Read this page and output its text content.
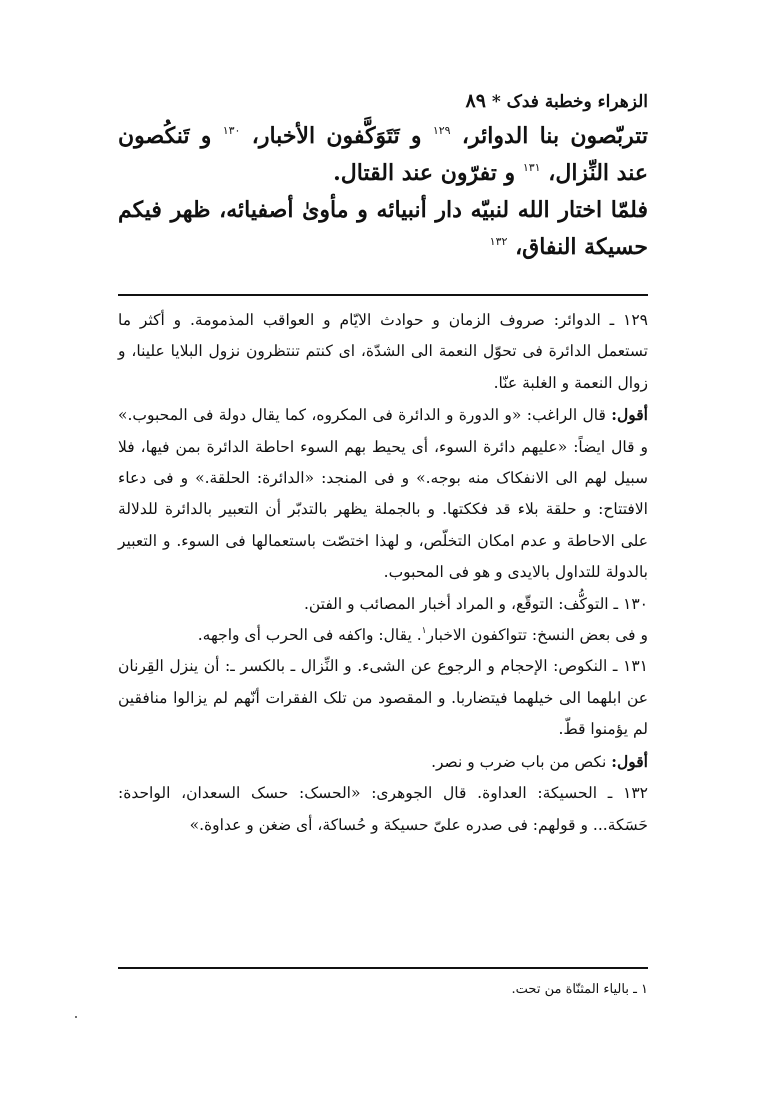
الزهراء وخطبة فدک * ٨٩

تتربّصون بنا الدوائر، $^{١٢٩}$ و تَتَوَكَّفون الأخبار، $^{١٣٠}$ و تَنكُصون عند النِّزال، $^{١٣١}$ و تفرّون عند القتال.

فلمّا اختار الله لنبيّه دار أنبيائه و مأوىٰ أصفيائه، ظهر فيكم حسيكة النفاق، $^{١٣٢}$

١٢٩ ـ الدوائر: صروف الزمان و حوادث الايّام و العواقب المذمومة. و أكثر ما تستعمل الدائرة فی تحوّل النعمة الی الشدّة، ای كنتم تنتظرون نزول البلايا علينا، و زوال النعمة و الغلبة عنّا.

أقول: قال الراغب: «و الدورة و الدائرة فی المكروه، كما يقال دولة فی المحبوب.» و قال ايضاً: «عليهم دائرة السوء، أی يحيط بهم السوء احاطة الدائرة بمن فيها، فلا سبيل لهم الی الانفكاک منه بوجه.» و فی المنجد: «الدائرة: الحلقة.» و فی دعاء الافتتاح: و حلقة بلاء قد فككتها. و بالجملة يظهر بالتدبّر أن التعبير بالدائرة للدلالة علی الاحاطة و عدم امكان التخلّص، و لهذا اختصّت باستعمالها فی السوء. و التعبير بالدولة للتداول بالايدی و هو فی المحبوب.

١٣٠ ـ التوكُّف: التوقّع، و المراد أخبار المصائب و الفتن.

و فی بعض النسخ: تتواكفون الاخبار$^١$. يقال: واكفه فی الحرب أی واجهه.

١٣١ ـ النكوص: الإحجام و الرجوع عن الشیء. و النِّزال ـ بالكسر ـ: أن ينزل القِرنان عن ابلهما الی خيلهما فيتضاربا. و المقصود من تلک الفقرات أنّهم لم يزالوا منافقين لم يؤمنوا قطّ.

أقول: نكص من باب ضرب و نصر.

١٣٢ ـ الحسيكة: العداوة. قال الجوهری: «الحسک: حسک السعدان، الواحدة: حَسَكة... و قولهم: فی صدره علیّ حسيكة و حُساكة، أی ضغن و عداوة.»

١ ـ بالياء المثنّاة من تحت.
